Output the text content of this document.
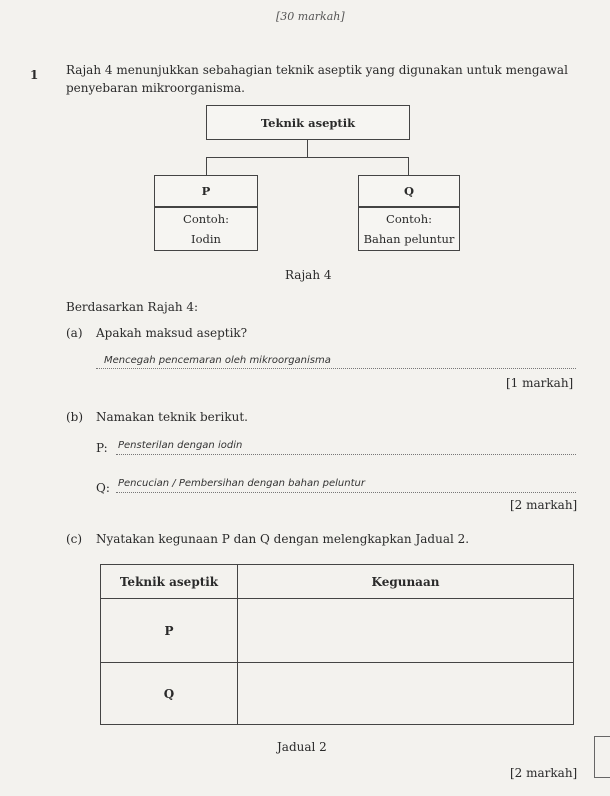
[30 markah]
1 Rajah 4 menunjukkan sebahagian teknik aseptik yang digunakan untuk mengawal penyebaran mikroorganisma.
Teknik aseptik
P
Contoh:
Iodin
Q
Contoh:
Bahan peluntur
Rajah 4
Berdasarkan Rajah 4:
(a) Apakah maksud aseptik?
Mencegah pencemaran oleh mikroorganisma
[1 markah]
(b) Namakan teknik berikut.
P: Pensterilan dengan iodin
Q: Pencucian / Pembersihan dengan bahan peluntur
[2 markah]
(c) Nyatakan kegunaan P dan Q dengan melengkapkan Jadual 2.
Teknik aseptik	Kegunaan
P	
Q	
Jadual 2
[2 markah]
